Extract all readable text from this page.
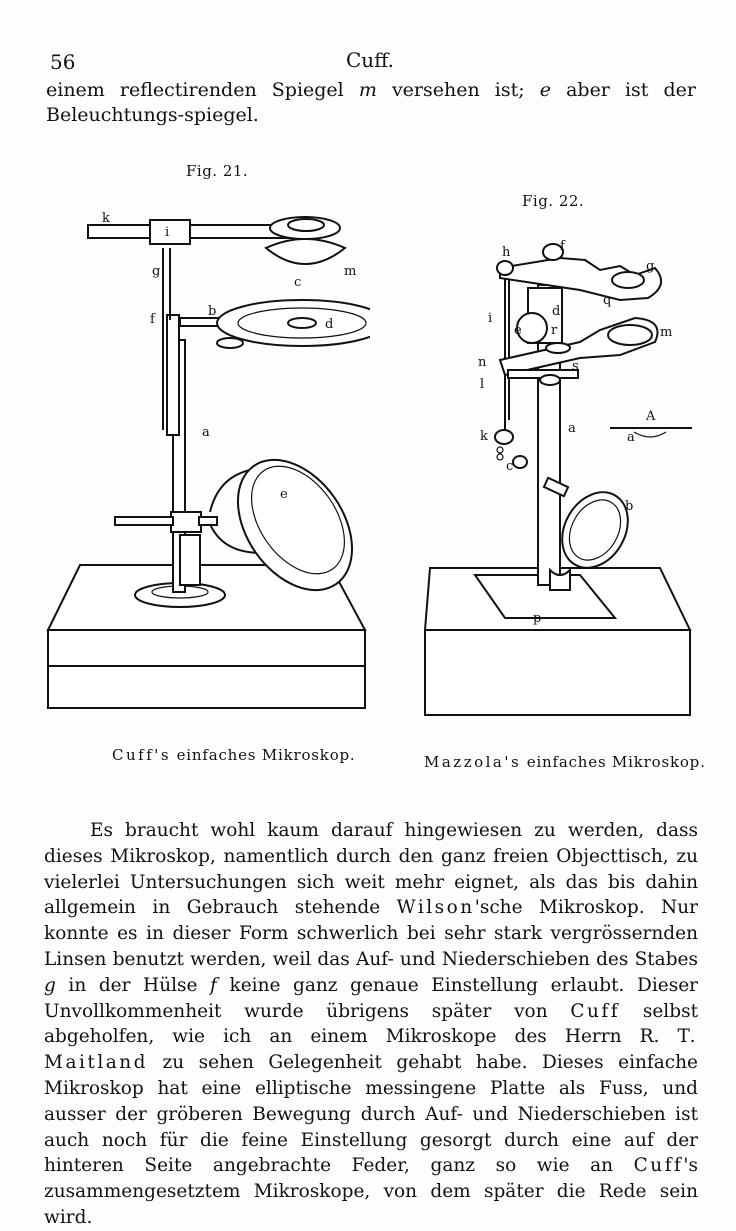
56	Cuff.
einem reflectirenden Spiegel m versehen ist; e aber ist der Beleuchtungs-spiegel.
Fig. 21.
Fig. 22.
k
i
g	m
c
f
b
d
a
e
h	f
g
q
d
i
e r	m
n	s
l
A
a
k
a
c
b
p
Cuff's einfaches Mikroskop.	Mazzola's einfaches Mikroskop.

Es braucht wohl kaum darauf hingewiesen zu werden, dass dieses Mikroskop, namentlich durch den ganz freien Objecttisch, zu vielerlei Untersuchungen sich weit mehr eignet, als das bis dahin allgemein in Gebrauch stehende Wilson'sche Mikroskop. Nur konnte es in dieser Form schwerlich bei sehr stark vergrössernden Linsen benutzt werden, weil das Auf- und Niederschieben des Stabes g in der Hülse f keine ganz genaue Einstellung erlaubt. Dieser Unvollkommenheit wurde übrigens später von Cuff selbst abgeholfen, wie ich an einem Mikroskope des Herrn R. T. Maitland zu sehen Gelegenheit gehabt habe. Dieses einfache Mikroskop hat eine elliptische messingene Platte als Fuss, und ausser der gröberen Bewegung durch Auf- und Niederschieben ist auch noch für die feine Einstellung gesorgt durch eine auf der hinteren Seite angebrachte Feder, ganz so wie an Cuff's zusammengesetztem Mikroskope, von dem später die Rede sein wird.
